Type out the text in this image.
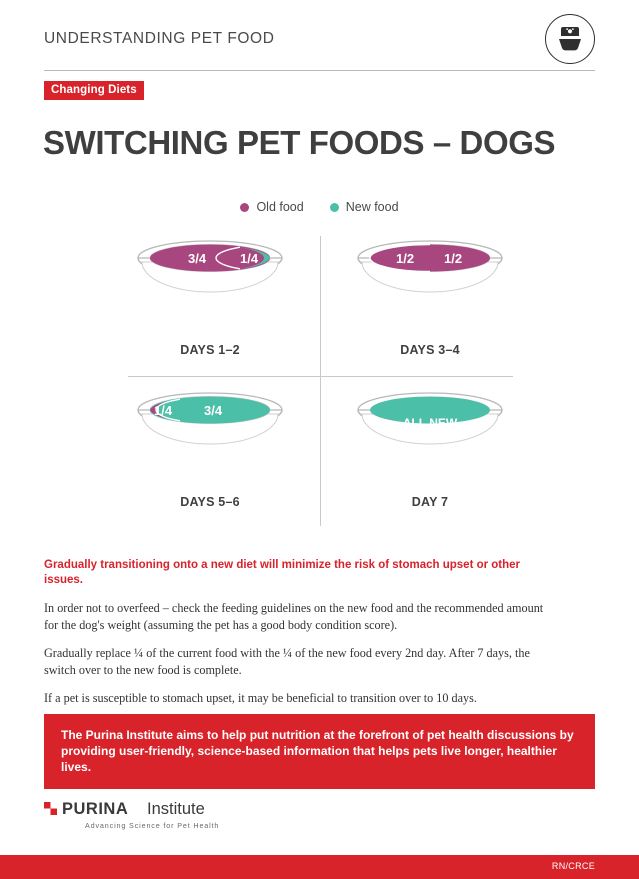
UNDERSTANDING PET FOOD
Changing Diets
SWITCHING PET FOODS – DOGS
Old food	New food
3/4	1/4
DAYS 1–2
1/2 1/2
DAYS 3–4
1/4 3/4
DAYS 5–6
ALL NEW
FOOD
DAY 7

Gradually transitioning onto a new diet will minimize the risk of stomach upset or other issues.

In order not to overfeed – check the feeding guidelines on the new food and the recommended amount for the dog's weight (assuming the pet has a good body condition score).

Gradually replace ¼ of the current food with the ¼ of the new food every 2nd day. After 7 days, the switch over to the new food is complete.

If a pet is susceptible to stomach upset, it may be beneficial to transition over to 10 days.

The Purina Institute aims to help put nutrition at the forefront of pet health discussions by providing user-friendly, science-based information that helps pets live longer, healthier lives.
PURINA Institute
Advancing Science for Pet Health
RN/CRCE
